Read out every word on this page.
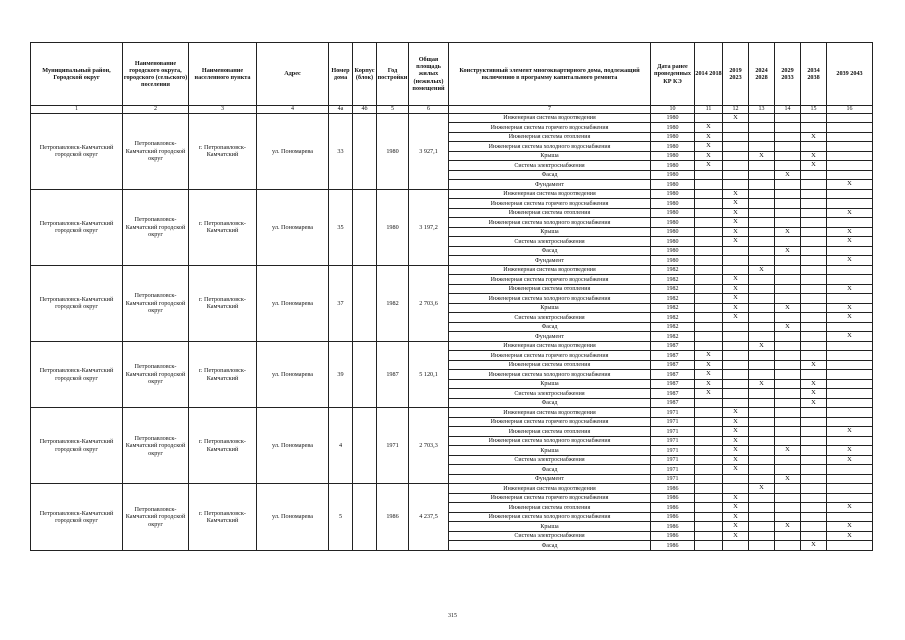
Муниципальный район, Городской округ	Наименование городского округа, городского (сельского) поселения	Наименование населенного пункта	Адрес	Номер дома	Корпус (блок)	Год постройки	Общая площадь жилых (нежилых) помещений	Конструктивный элемент многоквартирного дома, подлежащий включению в программу капитального ремонта	Дата ранее проведенных КР КЭ	2014 2018	2019 2023	2024 2028	2029 2033	2034 2038	2039 2043
1	2	3	4	4а	4б	5	6	7	10	11	12	13	14	15	16
Петропавловск-Камчатский городской округ	Петропавловск-Камчатский городской округ	г. Петропавловск-Камчатский	ул. Пономарева	33		1980	3 927,1	Инженерная система водоотведения	1980		X				
								Инженерная система горячего водоснабжения	1980	X					
								Инженерная система отопления	1980	X				X	
								Инженерная система холодного водоснабжения	1980	X					
								Крыша	1980	X		X		X	
								Система электроснабжения	1980	X				X	
								Фасад	1980				X		
								Фундамент	1980						X
Петропавловск-Камчатский городской округ	Петропавловск-Камчатский городской округ	г. Петропавловск-Камчатский	ул. Пономарева	35		1980	3 197,2	Инженерная система водоотведения	1980		X				
								Инженерная система горячего водоснабжения	1980		X				
								Инженерная система отопления	1980		X				X
								Инженерная система холодного водоснабжения	1980		X				
								Крыша	1980		X		X		X
								Система электроснабжения	1980		X				X
								Фасад	1980				X		
								Фундамент	1980						X
Петропавловск-Камчатский городской округ	Петропавловск-Камчатский городской округ	г. Петропавловск-Камчатский	ул. Пономарева	37		1982	2 703,6	Инженерная система водоотведения	1982			X			
								Инженерная система горячего водоснабжения	1982		X				
								Инженерная система отопления	1982		X				X
								Инженерная система холодного водоснабжения	1982		X				
								Крыша	1982		X		X		X
								Система электроснабжения	1982		X				X
								Фасад	1982				X		
								Фундамент	1982						X
Петропавловск-Камчатский городской округ	Петропавловск-Камчатский городской округ	г. Петропавловск-Камчатский	ул. Пономарева	39		1987	5 120,1	Инженерная система водоотведения	1987			X			
								Инженерная система горячего водоснабжения	1987	X					
								Инженерная система отопления	1987	X				X	
								Инженерная система холодного водоснабжения	1987	X					
								Крыша	1987	X		X		X	
								Система электроснабжения	1987	X				X	
								Фасад	1987					X	
Петропавловск-Камчатский городской округ	Петропавловск-Камчатский городской округ	г. Петропавловск-Камчатский	ул. Пономарева	4		1971	2 703,3	Инженерная система водоотведения	1971		X				
								Инженерная система горячего водоснабжения	1971		X				
								Инженерная система отопления	1971		X				X
								Инженерная система холодного водоснабжения	1971		X				
								Крыша	1971		X		X		X
								Система электроснабжения	1971		X				X
								Фасад	1971		X				
								Фундамент	1971				X		
Петропавловск-Камчатский городской округ	Петропавловск-Камчатский городской округ	г. Петропавловск-Камчатский	ул. Пономарева	5		1986	4 237,5	Инженерная система водоотведения	1986			X			
								Инженерная система горячего водоснабжения	1986		X				
								Инженерная система отопления	1986		X				X
								Инженерная система холодного водоснабжения	1986		X				
								Крыша	1986		X		X		X
								Система электроснабжения	1986		X				X
								Фасад	1986					X	
315
